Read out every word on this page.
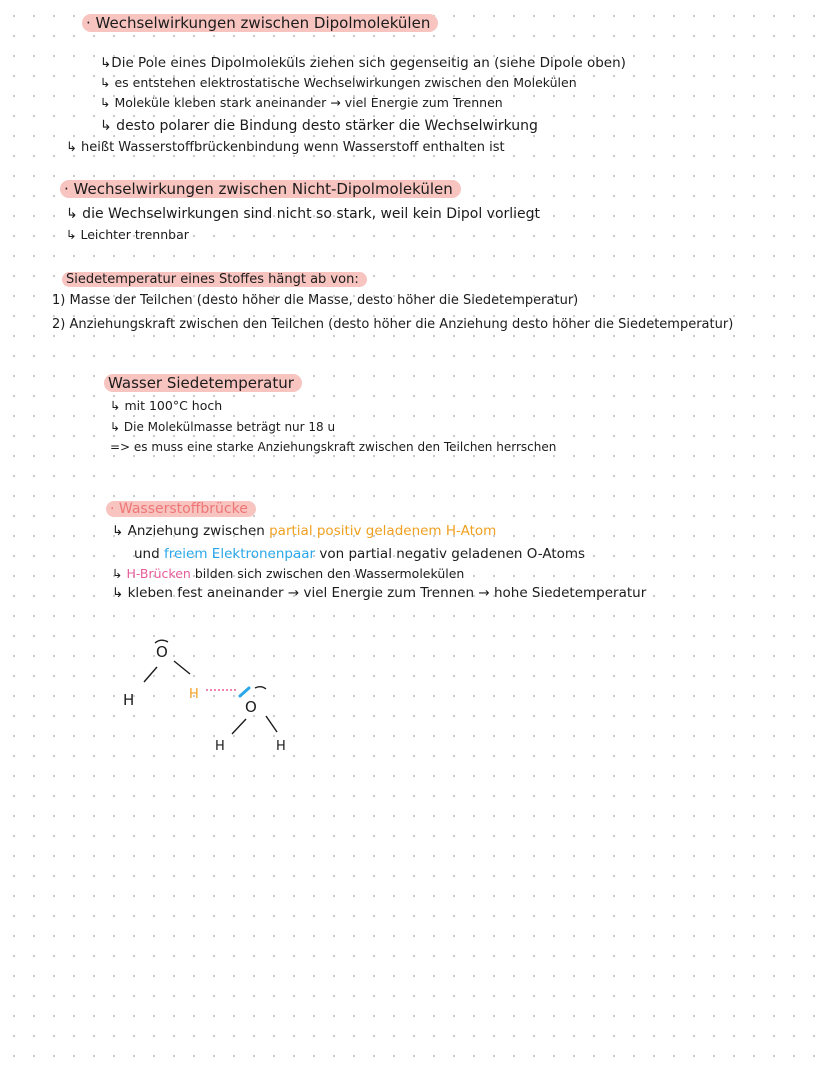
· Wechselwirkungen zwischen Dipolmolekülen
↳Die Pole eines Dipolmoleküls ziehen sich gegenseitig an (siehe Dipole oben)
↳ es entstehen elektrostatische Wechselwirkungen zwischen den Molekülen
↳ Moleküle kleben stark aneinander → viel Energie zum Trennen
↳ desto polarer die Bindung desto stärker die Wechselwirkung
↳ heißt Wasserstoffbrückenbindung wenn Wasserstoff enthalten ist
· Wechselwirkungen zwischen Nicht-Dipolmolekülen
↳ die Wechselwirkungen sind nicht so stark, weil kein Dipol vorliegt
↳ Leichter trennbar
Siedetemperatur eines Stoffes hängt ab von:
1) Masse der Teilchen (desto höher die Masse, desto höher die Siedetemperatur)
2) Anziehungskraft zwischen den Teilchen (desto höher die Anziehung desto höher die Siedetemperatur)
Wasser Siedetemperatur
↳ mit 100°C hoch
↳ Die Molekülmasse beträgt nur 18 u
=> es muss eine starke Anziehungskraft zwischen den Teilchen herrschen
· Wasserstoffbrücke
↳ Anziehung zwischen partial positiv geladenem H-Atom
und freiem Elektronenpaar von partial negativ geladenen O-Atoms
↳ H-Brücken bilden sich zwischen den Wassermolekülen
↳ kleben fest aneinander → viel Energie zum Trennen → hohe Siedetemperatur
O
H	H
O
H	H
